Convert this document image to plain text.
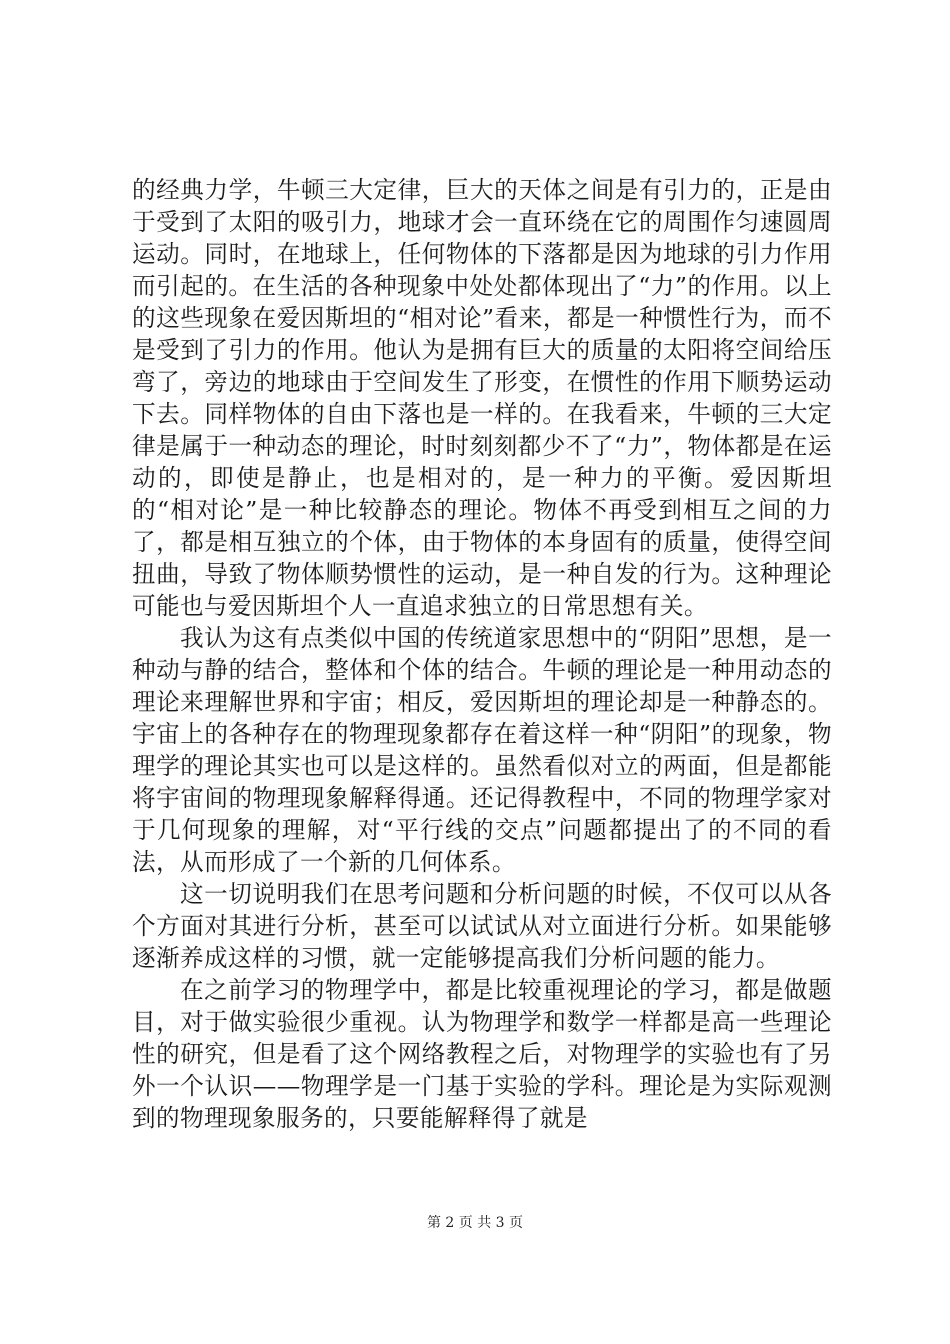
的经典力学，牛顿三大定律，巨大的天体之间是有引力的，正是由于受到了太阳的吸引力，地球才会一直环绕在它的周围作匀速圆周运动。同时，在地球上，任何物体的下落都是因为地球的引力作用而引起的。在生活的各种现象中处处都体现出了“力”的作用。以上的这些现象在爱因斯坦的“相对论”看来，都是一种惯性行为，而不是受到了引力的作用。他认为是拥有巨大的质量的太阳将空间给压弯了，旁边的地球由于空间发生了形变，在惯性的作用下顺势运动下去。同样物体的自由下落也是一样的。在我看来，牛顿的三大定律是属于一种动态的理论，时时刻刻都少不了“力”，物体都是在运动的，即使是静止，也是相对的，是一种力的平衡。爱因斯坦的“相对论”是一种比较静态的理论。物体不再受到相互之间的力了，都是相互独立的个体，由于物体的本身固有的质量，使得空间扭曲，导致了物体顺势惯性的运动，是一种自发的行为。这种理论可能也与爱因斯坦个人一直追求独立的日常思想有关。

我认为这有点类似中国的传统道家思想中的“阴阳”思想，是一种动与静的结合，整体和个体的结合。牛顿的理论是一种用动态的理论来理解世界和宇宙；相反，爱因斯坦的理论却是一种静态的。宇宙上的各种存在的物理现象都存在着这样一种“阴阳”的现象，物理学的理论其实也可以是这样的。虽然看似对立的两面，但是都能将宇宙间的物理现象解释得通。还记得教程中，不同的物理学家对于几何现象的理解，对“平行线的交点”问题都提出了的不同的看法，从而形成了一个新的几何体系。

这一切说明我们在思考问题和分析问题的时候，不仅可以从各个方面对其进行分析，甚至可以试试从对立面进行分析。如果能够逐渐养成这样的习惯，就一定能够提高我们分析问题的能力。

在之前学习的物理学中，都是比较重视理论的学习，都是做题目，对于做实验很少重视。认为物理学和数学一样都是高一些理论性的研究，但是看了这个网络教程之后，对物理学的实验也有了另外一个认识——物理学是一门基于实验的学科。理论是为实际观测到的物理现象服务的，只要能解释得了就是

第 2 页 共 3 页
